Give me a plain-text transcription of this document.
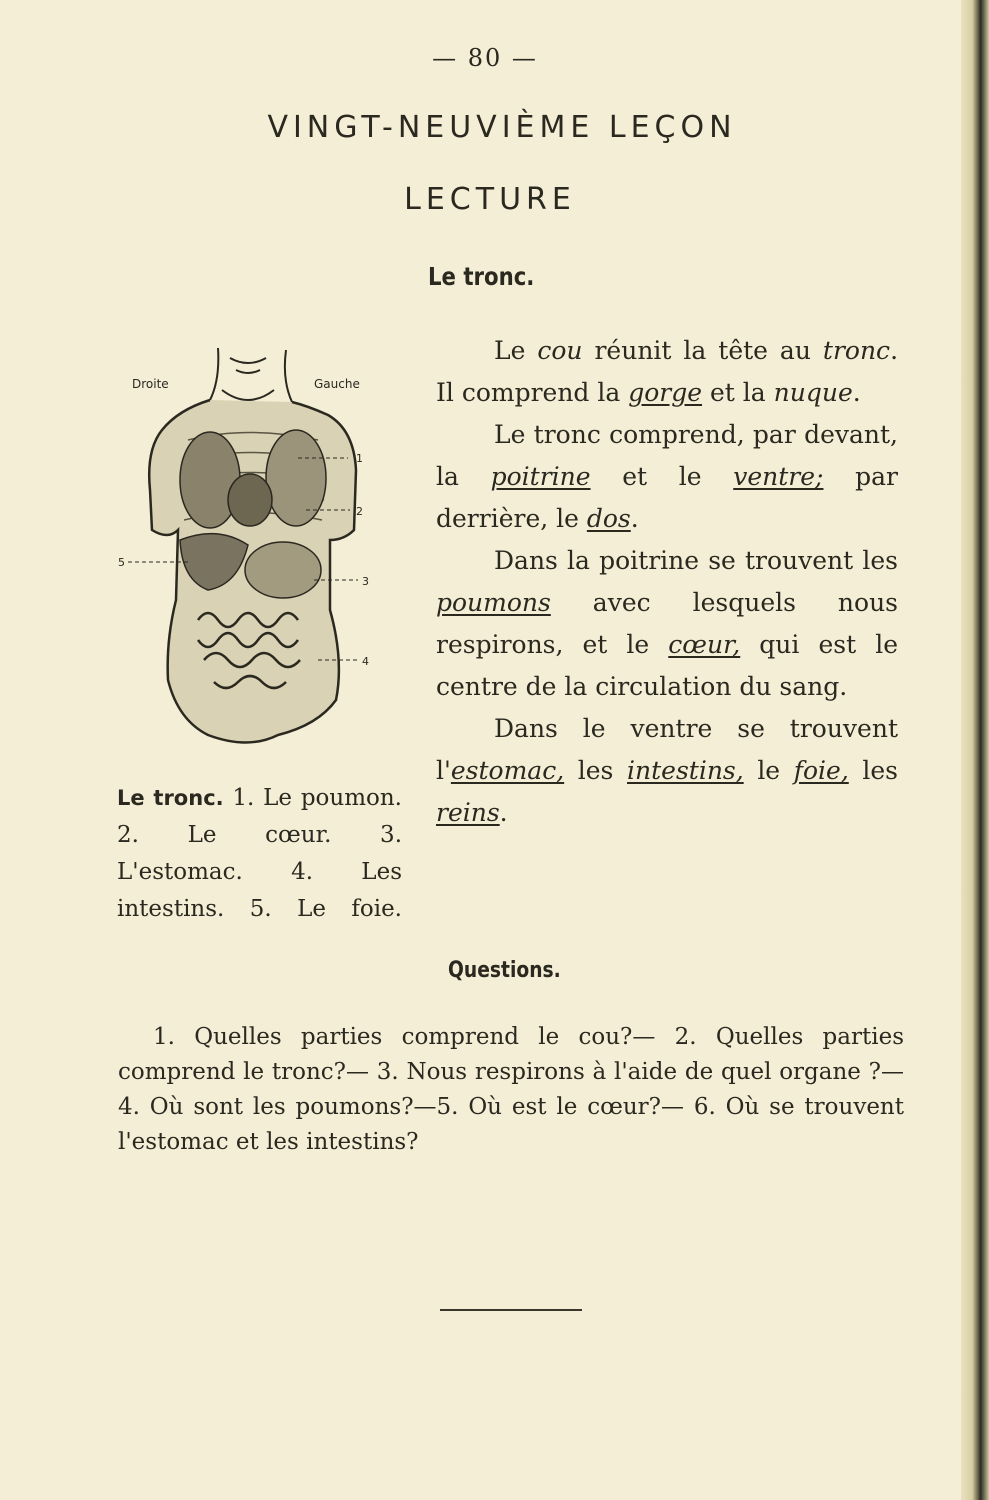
— 80 —
VINGT-NEUVIÈME LEÇON
LECTURE
Le tronc.
Droite	Gauche
1
2
3
4
5
Le tronc. 1. Le poumon. 2. Le cœur. 3. L'estomac. 4. Les intestins. 5. Le foie.

Le cou réunit la tête au tronc. Il comprend la gorge et la nuque.

Le tronc comprend, par devant, la poitrine et le ventre; par derrière, le dos.

Dans la poitrine se trouvent les poumons avec lesquels nous respirons, et le cœur, qui est le centre de la circulation du sang.

Dans le ventre se trouvent l'estomac, les intestins, le foie, les reins.

Questions.
1. Quelles parties comprend le cou?— 2. Quelles parties comprend le tronc?— 3. Nous respirons à l'aide de quel organe ?—4. Où sont les poumons?—5. Où est le cœur?— 6. Où se trouvent l'estomac et les intestins?
